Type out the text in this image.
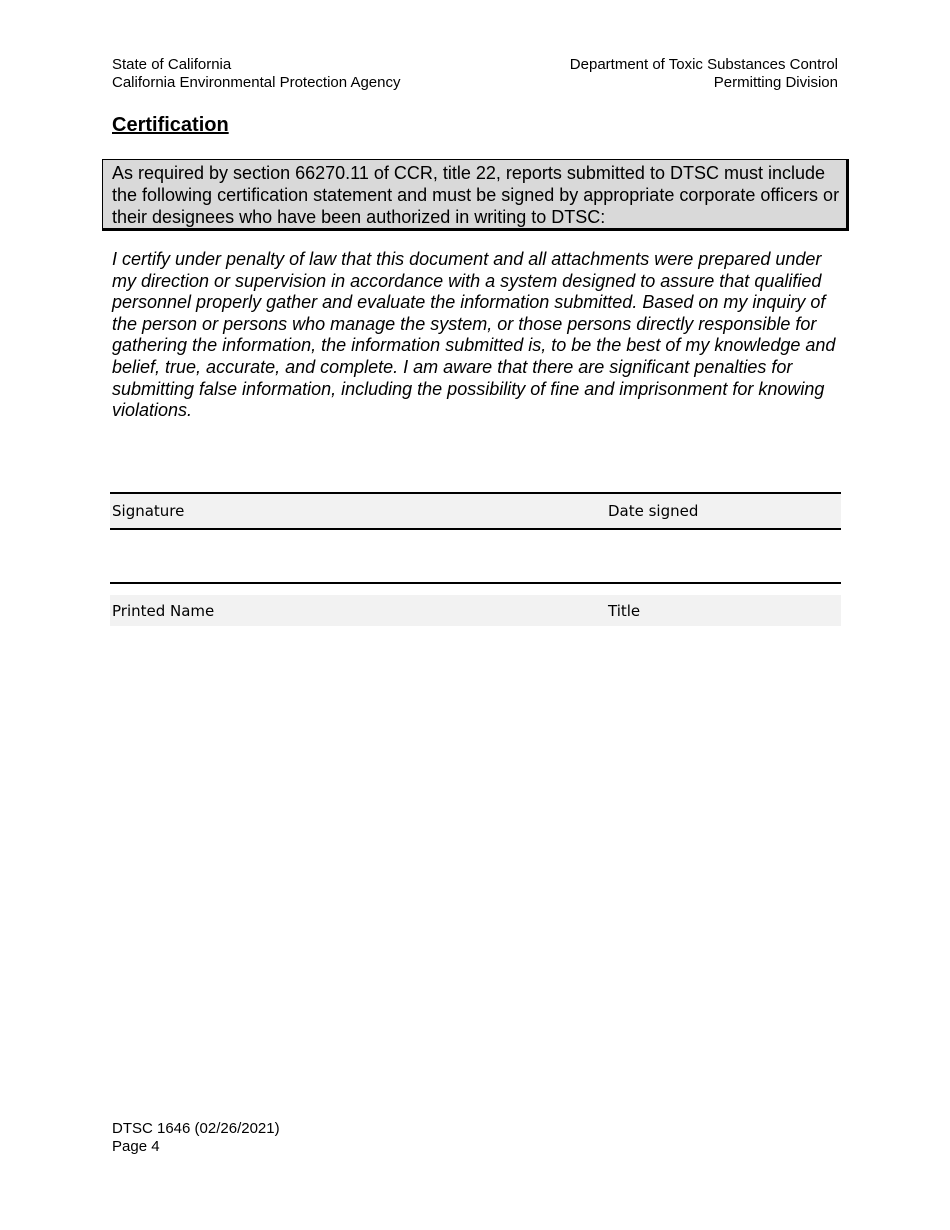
State of California
California Environmental Protection Agency
Department of Toxic Substances Control
Permitting Division
Certification
As required by section 66270.11 of CCR, title 22, reports submitted to DTSC must include the following certification statement and must be signed by appropriate corporate officers or their designees who have been authorized in writing to DTSC:

I certify under penalty of law that this document and all attachments were prepared under my direction or supervision in accordance with a system designed to assure that qualified personnel properly gather and evaluate the information submitted. Based on my inquiry of the person or persons who manage the system, or those persons directly responsible for gathering the information, the information submitted is, to be the best of my knowledge and belief, true, accurate, and complete. I am aware that there are significant penalties for submitting false information, including the possibility of fine and imprisonment for knowing violations.

Signature	Date signed
Printed Name	Title
DTSC 1646 (02/26/2021)
Page 4
